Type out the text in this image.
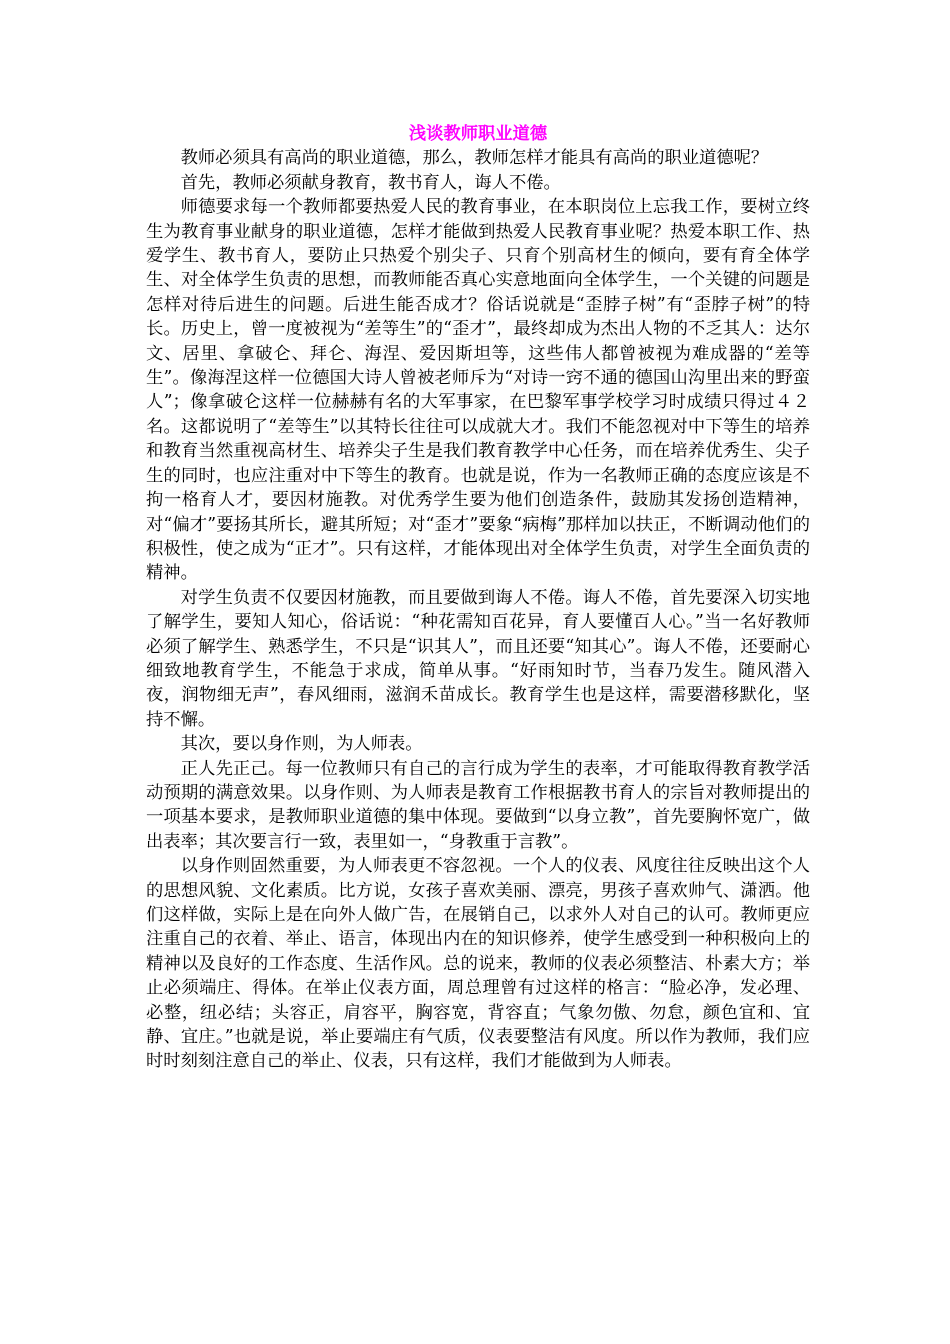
浅谈教师职业道德

教师必须具有高尚的职业道德，那么，教师怎样才能具有高尚的职业道德呢？

首先，教师必须献身教育，教书育人，诲人不倦。

师德要求每一个教师都要热爱人民的教育事业，在本职岗位上忘我工作，要树立终生为教育事业献身的职业道德，怎样才能做到热爱人民教育事业呢？热爱本职工作、热爱学生、教书育人，要防止只热爱个别尖子、只育个别高材生的倾向，要有育全体学生、对全体学生负责的思想，而教师能否真心实意地面向全体学生，一个关键的问题是怎样对待后进生的问题。后进生能否成才？俗话说就是“歪脖子树”有“歪脖子树”的特长。历史上，曾一度被视为“差等生”的“歪才”，最终却成为杰出人物的不乏其人：达尔文、居里、拿破仑、拜仑、海涅、爱因斯坦等，这些伟人都曾被视为难成器的“差等生”。像海涅这样一位德国大诗人曾被老师斥为“对诗一窍不通的德国山沟里出来的野蛮人”；像拿破仑这样一位赫赫有名的大军事家，在巴黎军事学校学习时成绩只得过４２名。这都说明了“差等生”以其特长往往可以成就大才。我们不能忽视对中下等生的培养和教育当然重视高材生、培养尖子生是我们教育教学中心任务，而在培养优秀生、尖子生的同时，也应注重对中下等生的教育。也就是说，作为一名教师正确的态度应该是不拘一格育人才，要因材施教。对优秀学生要为他们创造条件，鼓励其发扬创造精神，对“偏才”要扬其所长，避其所短；对“歪才”要象“病梅”那样加以扶正，不断调动他们的积极性，使之成为“正才”。只有这样，才能体现出对全体学生负责，对学生全面负责的精神。

对学生负责不仅要因材施教，而且要做到诲人不倦。诲人不倦，首先要深入切实地了解学生，要知人知心，俗话说：“种花需知百花异，育人要懂百人心。”当一名好教师必须了解学生、熟悉学生，不只是“识其人”，而且还要“知其心”。诲人不倦，还要耐心细致地教育学生，不能急于求成，简单从事。“好雨知时节，当春乃发生。随风潜入夜，润物细无声”，春风细雨，滋润禾苗成长。教育学生也是这样，需要潜移默化，坚持不懈。

其次，要以身作则，为人师表。

正人先正己。每一位教师只有自己的言行成为学生的表率，才可能取得教育教学活动预期的满意效果。以身作则、为人师表是教育工作根据教书育人的宗旨对教师提出的一项基本要求，是教师职业道德的集中体现。要做到“以身立教”，首先要胸怀宽广，做出表率；其次要言行一致，表里如一，“身教重于言教”。

以身作则固然重要，为人师表更不容忽视。一个人的仪表、风度往往反映出这个人的思想风貌、文化素质。比方说，女孩子喜欢美丽、漂亮，男孩子喜欢帅气、潇洒。他们这样做，实际上是在向外人做广告，在展销自己，以求外人对自己的认可。教师更应注重自己的衣着、举止、语言，体现出内在的知识修养，使学生感受到一种积极向上的精神以及良好的工作态度、生活作风。总的说来，教师的仪表必须整洁、朴素大方；举止必须端庄、得体。在举止仪表方面，周总理曾有过这样的格言：“脸必净，发必理、必整，纽必结；头容正，肩容平，胸容宽，背容直；气象勿傲、勿怠，颜色宜和、宜静、宜庄。”也就是说，举止要端庄有气质，仪表要整洁有风度。所以作为教师，我们应时时刻刻注意自己的举止、仪表，只有这样，我们才能做到为人师表。
